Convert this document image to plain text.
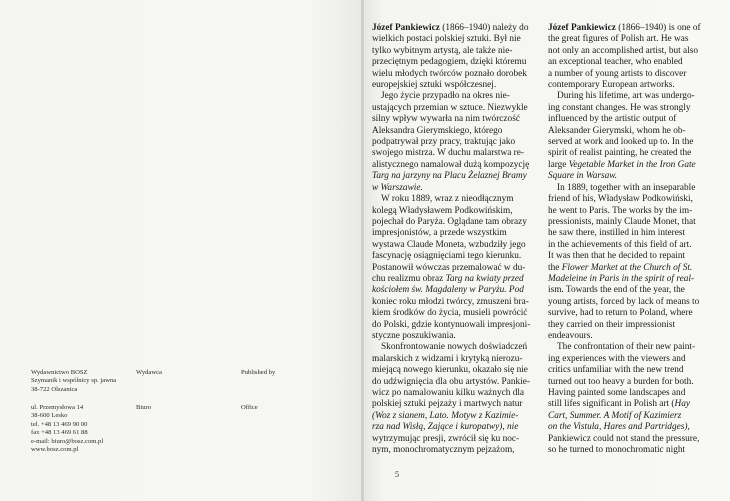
Wydawnictwo BOSZ
Szymanik i wspólnicy sp. jawna
38-722 Olszanica
Wydawca	Published by
ul. Przemysłowa 14
38-600 Lesko
tel. +48 13 469 90 00
fax +48 13 469 61 88
e-mail: biuro@bosz.com.pl
www.bosz.com.pl
Biuro	Office
Józef Pankiewicz (1866–1940) należy do
wielkich postaci polskiej sztuki. Był nie
tylko wybitnym artystą, ale także nie-
przeciętnym pedagogiem, dzięki któremu
wielu młodych twórców poznało dorobek
europejskiej sztuki współczesnej.
Jego życie przypadło na okres nie-
ustających przemian w sztuce. Niezwykle
silny wpływ wywarła na nim twórczość
Aleksandra Gierymskiego, którego
podpatrywał przy pracy, traktując jako
swojego mistrza. W duchu malarstwa re-
alistycznego namalował dużą kompozycję
Targ na jarzyny na Placu Żelaznej Bramy
w Warszawie.
W roku 1889, wraz z nieodłącznym
kolegą Władysławem Podkowińskim,
pojechał do Paryża. Oglądane tam obrazy
impresjonistów, a przede wszystkim
wystawa Claude Moneta, wzbudziły jego
fascynację osiągnięciami tego kierunku.
Postanowił wówczas przemalować w du-
chu realizmu obraz Targ na kwiaty przed
kościołem św. Magdaleny w Paryżu. Pod
koniec roku młodzi twórcy, zmuszeni bra-
kiem środków do życia, musieli powrócić
do Polski, gdzie kontynuowali impresjoni-
styczne poszukiwania.
Skonfrontowanie nowych doświadczeń
malarskich z widzami i krytyką nierozu-
miejącą nowego kierunku, okazało się nie
do udźwignięcia dla obu artystów. Pankie-
wicz po namalowaniu kilku ważnych dla
polskiej sztuki pejzaży i martwych natur
(Woz z sianem, Lato. Motyw z Kazimie-
rza nad Wisłą, Zające i kuropatwy), nie
wytrzymując presji, zwrócił się ku noc-
nym, monochromatycznym pejzażom,
Józef Pankiewicz (1866–1940) is one of
the great figures of Polish art. He was
not only an accomplished artist, but also
an exceptional teacher, who enabled
a number of young artists to discover
contemporary European artworks.
During his lifetime, art was undergo-
ing constant changes. He was strongly
influenced by the artistic output of
Aleksander Gierymski, whom he ob-
served at work and looked up to. In the
spirit of realist painting, he created the
large Vegetable Market in the Iron Gate
Square in Warsaw.
In 1889, together with an inseparable
friend of his, Władysław Podkowiński,
he went to Paris. The works by the im-
pressionists, mainly Claude Monet, that
he saw there, instilled in him interest
in the achievements of this field of art.
It was then that he decided to repaint
the Flower Market at the Church of St.
Madeleine in Paris in the spirit of real-
ism. Towards the end of the year, the
young artists, forced by lack of means to
survive, had to return to Poland, where
they carried on their impressionist
endeavours.
The confrontation of their new paint-
ing experiences with the viewers and
critics unfamiliar with the new trend
turned out too heavy a burden for both.
Having painted some landscapes and
still lifes significant in Polish art (Hay
Cart, Summer. A Motif of Kazimierz
on the Vistula, Hares and Partridges),
Pankiewicz could not stand the pressure,
so he turned to monochromatic night
5
